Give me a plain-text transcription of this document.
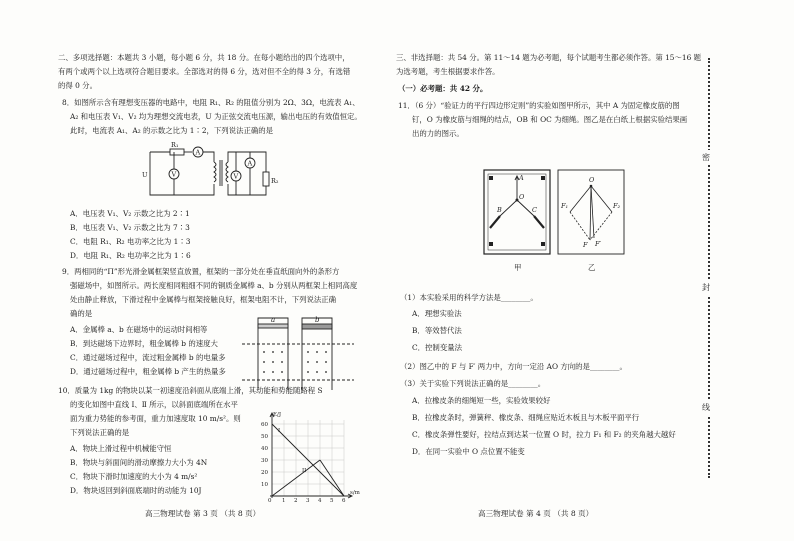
二、多项选择题：本题共 3 小题，每小题 6 分，共 18 分。在每小题给出的四个选项中，
有两个或两个以上选项符合题目要求。全部选对的得 6 分，选对但不全的得 3 分，有选错
的得 0 分。
8．如图所示含有理想变压器的电路中，电阻 R₁、R₂ 的阻值分别为 2Ω、3Ω，电流表 A₁、
A₂ 和电压表 V₁、V₂ 均为理想交流电表，U 为正弦交流电压源，输出电压的有效值恒定。
此时，电流表 A₁、A₂ 的示数之比为 1∶2，下列说法正确的是
R₁
A
A
U	V	V
R₂
A．电压表 V₁、V₂ 示数之比为 2∶1
B．电压表 V₁、V₂ 示数之比为 7∶3
C．电阻 R₁、R₂ 电功率之比为 1∶3
D．电阻 R₁、R₂ 电功率之比为 1∶6
9．两相同的“П”形光滑金属框架竖直放置，框架的一部分处在垂直纸面向外的条形方
强磁场中，如图所示。两长度相同粗细不同的铜质金属棒 a、b 分别从两框架上相同高度
处由静止释放，下滑过程中金属棒与框架接触良好，框架电阻不计，下列说法正确
确的是
a	b
A．金属棒 a、b 在磁场中的运动时间相等
B．到达磁场下边界时，粗金属棒 b 的速度大
C．通过磁场过程中，流过粗金属棒 b 的电量多
D．通过磁场过程中，粗金属棒 b 产生的热量多
10．质量为 1kg 的物块以某一初速度沿斜面从底端上滑，其动能和势能随路程 S
的变化如图中直线 Ⅰ、Ⅱ 所示，以斜面底端所在水平
面为重力势能的参考面，重力加速度取 10 m/s²。则
下列说法正确的是
E/J
s/m
60
50
40
30
20
10
0 1 2 3 4 5 6
I
II
A．物块上滑过程中机械能守恒
B．物块与斜面间的滑动摩擦力大小为 4N
C．物块下滑时加速度的大小为 4 m/s²
D．物块返回到斜面底端时的动能为 10J
高三物理试卷 第 3 页 （共 8 页）
三、非选择题：共 54 分。第 11～14 题为必考题，每个试题考生都必须作答。第 15～16 题
为选考题，考生根据要求作答。
（一）必考题：共 42 分。
11．（6 分）“验证力的平行四边形定则”的实验如图甲所示，其中 A 为固定橡皮筋的图
钉，O 为橡皮筋与细绳的结点，OB 和 OC 为细绳。图乙是在白纸上根据实验结果画
出的力的图示。
A
O
B	C
O
F₁	F₂
F F′
甲	乙
（1）本实验采用的科学方法是________。
A．理想实验法
B．等效替代法
C．控制变量法
（2）图乙中的 F 与 F′ 两力中，方向一定沿 AO 方向的是________。
（3）关于实验下列说法正确的是________。
A．拉橡皮条的细绳短一些，实验效果较好
B．拉橡皮条时，弹簧秤、橡皮条、细绳应贴近木板且与木板平面平行
C．橡皮条弹性要好，拉结点到达某一位置 O 时，拉力 F₁ 和 F₂ 的夹角越大越好
D．在同一实验中 O 点位置不能变
高三物理试卷 第 4 页 （共 8 页）
密
封
线
